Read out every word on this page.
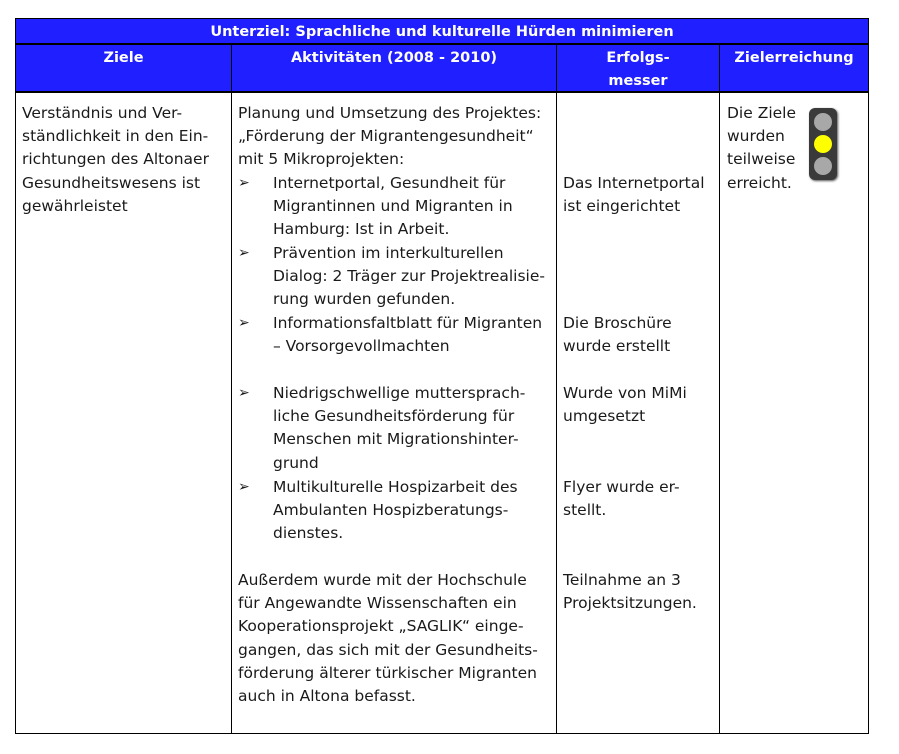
Unterziel: Sprachliche und kulturelle Hürden minimieren
Ziele	Aktivitäten (2008 - 2010)	Erfolgs-
messer
Zielerreichung
Verständnis und Ver-
ständlichkeit in den Ein-
richtungen des Altonaer
Gesundheitswesens ist
gewährleistet
Planung und Umsetzung des Projektes:
„Förderung der Migrantengesundheit“
mit 5 Mikroprojekten:
➢ Internetportal, Gesundheit für
Migrantinnen und Migranten in
Hamburg: Ist in Arbeit.
➢ Prävention im interkulturellen
Dialog: 2 Träger zur Projektrealisie-
rung wurden gefunden.
➢ Informationsfaltblatt für Migranten
– Vorsorgevollmachten
➢ Niedrigschwellige muttersprach-
liche Gesundheitsförderung für
Menschen mit Migrationshinter-
grund
➢ Multikulturelle Hospizarbeit des
Ambulanten Hospizberatungs-
dienstes.
Außerdem wurde mit der Hochschule
für Angewandte Wissenschaften ein
Kooperationsprojekt „SAGLIK“ einge-
gangen, das sich mit der Gesundheits-
förderung älterer türkischer Migranten
auch in Altona befasst.
Das Internetportal
ist eingerichtet
Die Broschüre
wurde erstellt
Wurde von MiMi
umgesetzt
Flyer wurde er-
stellt.
Teilnahme an 3
Projektsitzungen.
Die Ziele
wurden
teilweise
erreicht.
